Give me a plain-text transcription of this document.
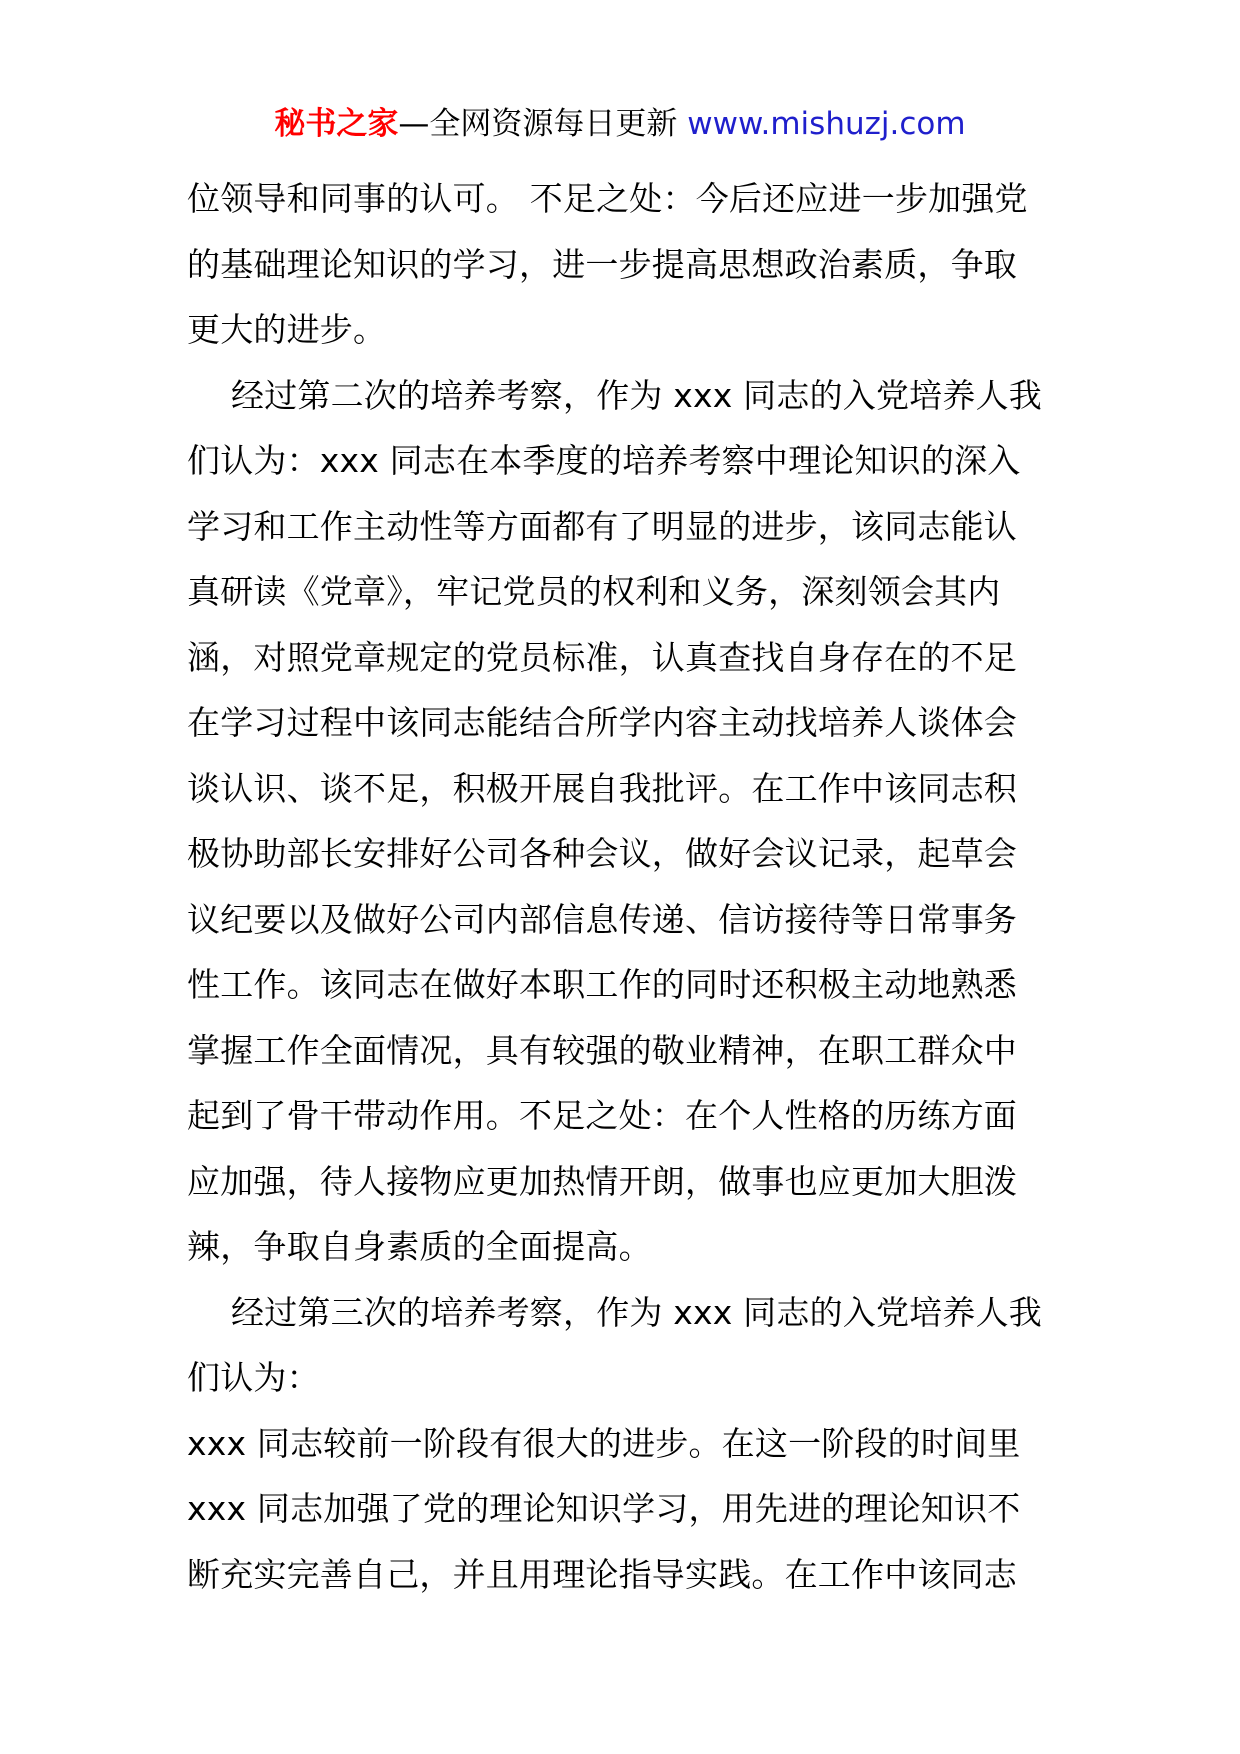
秘书之家—全网资源每日更新 www.mishuzj.com
位领导和同事的认可。 不足之处：今后还应进一步加强党
的基础理论知识的学习，进一步提高思想政治素质，争取
更大的进步。
经过第二次的培养考察，作为 xxx 同志的入党培养人我
们认为：xxx 同志在本季度的培养考察中理论知识的深入
学习和工作主动性等方面都有了明显的进步，该同志能认
真研读《党章》，牢记党员的权利和义务，深刻领会其内
涵，对照党章规定的党员标准，认真查找自身存在的不足
在学习过程中该同志能结合所学内容主动找培养人谈体会
谈认识、谈不足，积极开展自我批评。在工作中该同志积
极协助部长安排好公司各种会议，做好会议记录，起草会
议纪要以及做好公司内部信息传递、信访接待等日常事务
性工作。该同志在做好本职工作的同时还积极主动地熟悉
掌握工作全面情况，具有较强的敬业精神，在职工群众中
起到了骨干带动作用。不足之处：在个人性格的历练方面
应加强，待人接物应更加热情开朗，做事也应更加大胆泼
辣，争取自身素质的全面提高。
经过第三次的培养考察，作为 xxx 同志的入党培养人我
们认为：
xxx 同志较前一阶段有很大的进步。在这一阶段的时间里
xxx 同志加强了党的理论知识学习，用先进的理论知识不
断充实完善自己，并且用理论指导实践。在工作中该同志
